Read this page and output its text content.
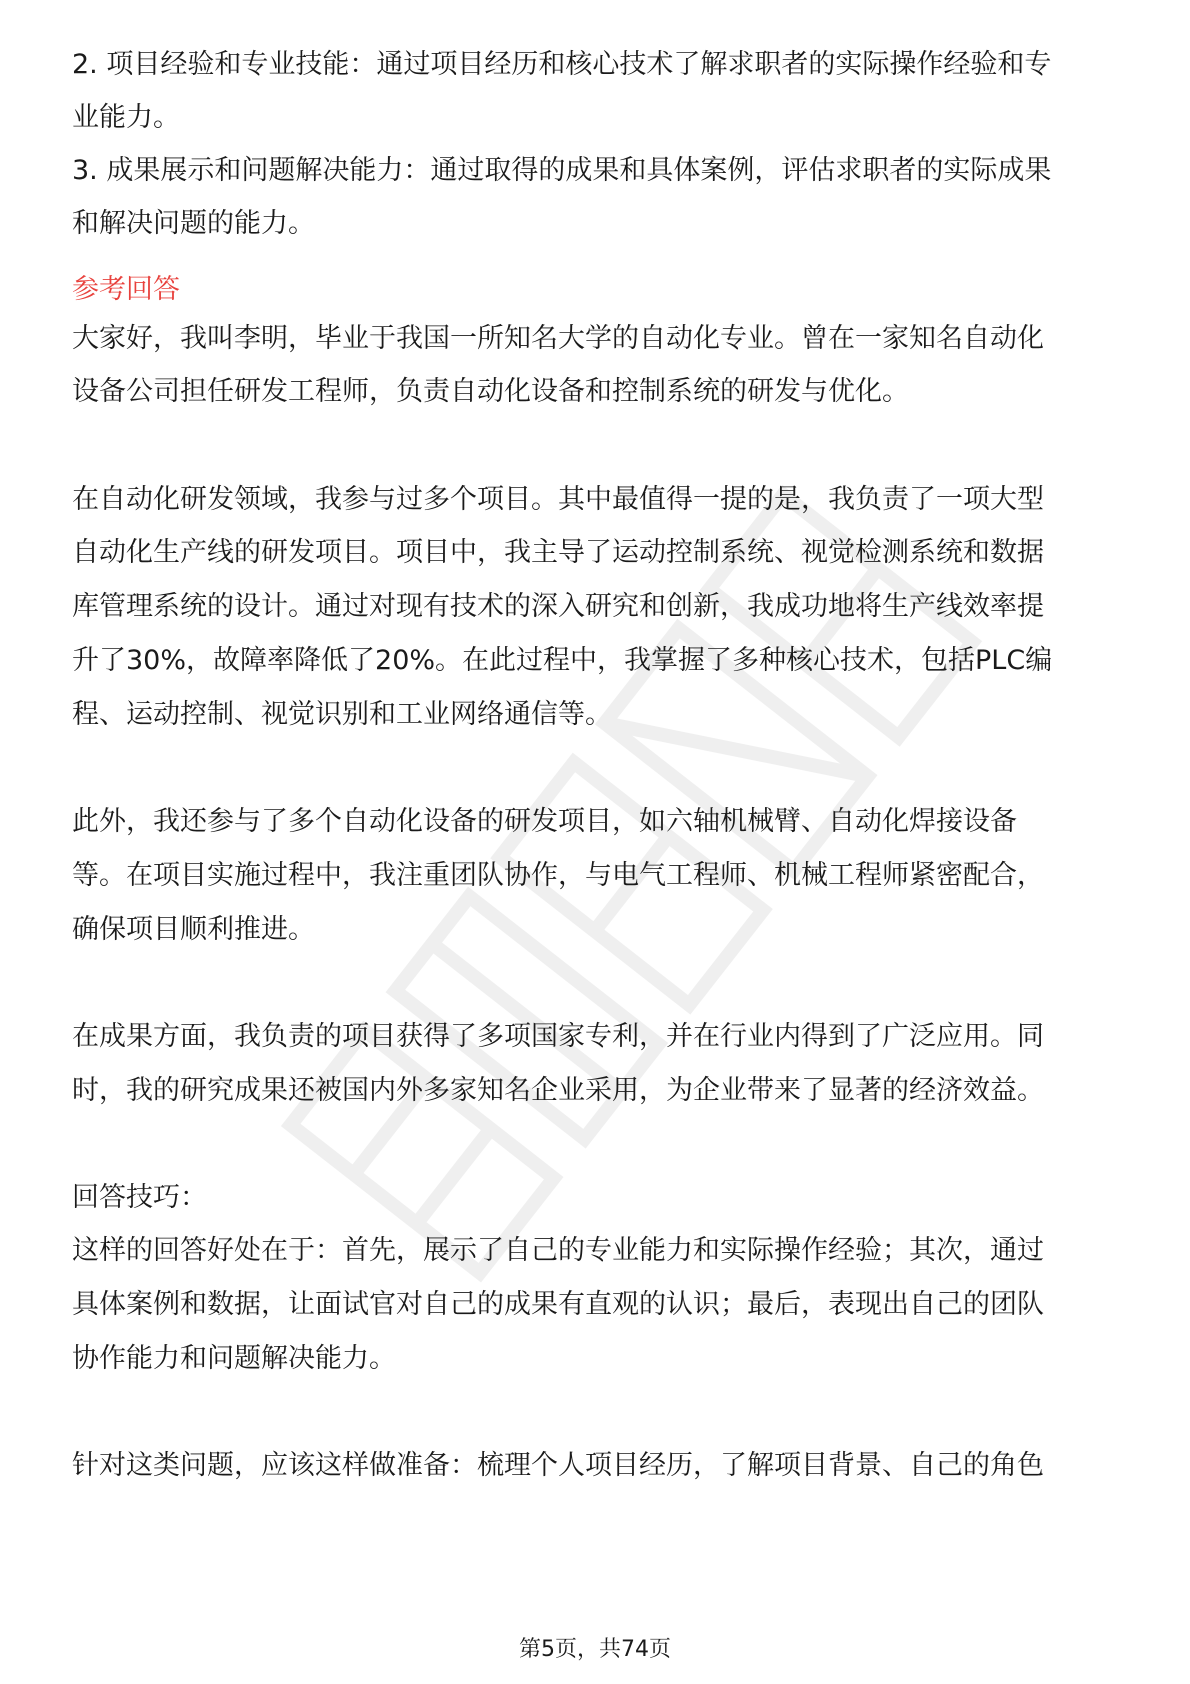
2. 项目经验和专业技能：通过项目经历和核心技术了解求职者的实际操作经验和专
业能力。
3. 成果展示和问题解决能力：通过取得的成果和具体案例，评估求职者的实际成果
和解决问题的能力。
参考回答
大家好，我叫李明，毕业于我国一所知名大学的自动化专业。曾在一家知名自动化
设备公司担任研发工程师，负责自动化设备和控制系统的研发与优化。
在自动化研发领域，我参与过多个项目。其中最值得一提的是，我负责了一项大型
自动化生产线的研发项目。项目中，我主导了运动控制系统、视觉检测系统和数据
库管理系统的设计。通过对现有技术的深入研究和创新，我成功地将生产线效率提
升了30%，故障率降低了20%。在此过程中，我掌握了多种核心技术，包括PLC编
程、运动控制、视觉识别和工业网络通信等。
此外，我还参与了多个自动化设备的研发项目，如六轴机械臂、自动化焊接设备
等。在项目实施过程中，我注重团队协作，与电气工程师、机械工程师紧密配合，
确保项目顺利推进。
在成果方面，我负责的项目获得了多项国家专利，并在行业内得到了广泛应用。同
时，我的研究成果还被国内外多家知名企业采用，为企业带来了显著的经济效益。
回答技巧：
这样的回答好处在于：首先，展示了自己的专业能力和实际操作经验；其次，通过
具体案例和数据，让面试官对自己的成果有直观的认识；最后，表现出自己的团队
协作能力和问题解决能力。
针对这类问题，应该这样做准备：梳理个人项目经历，了解项目背景、自己的角色
第5页，共74页
